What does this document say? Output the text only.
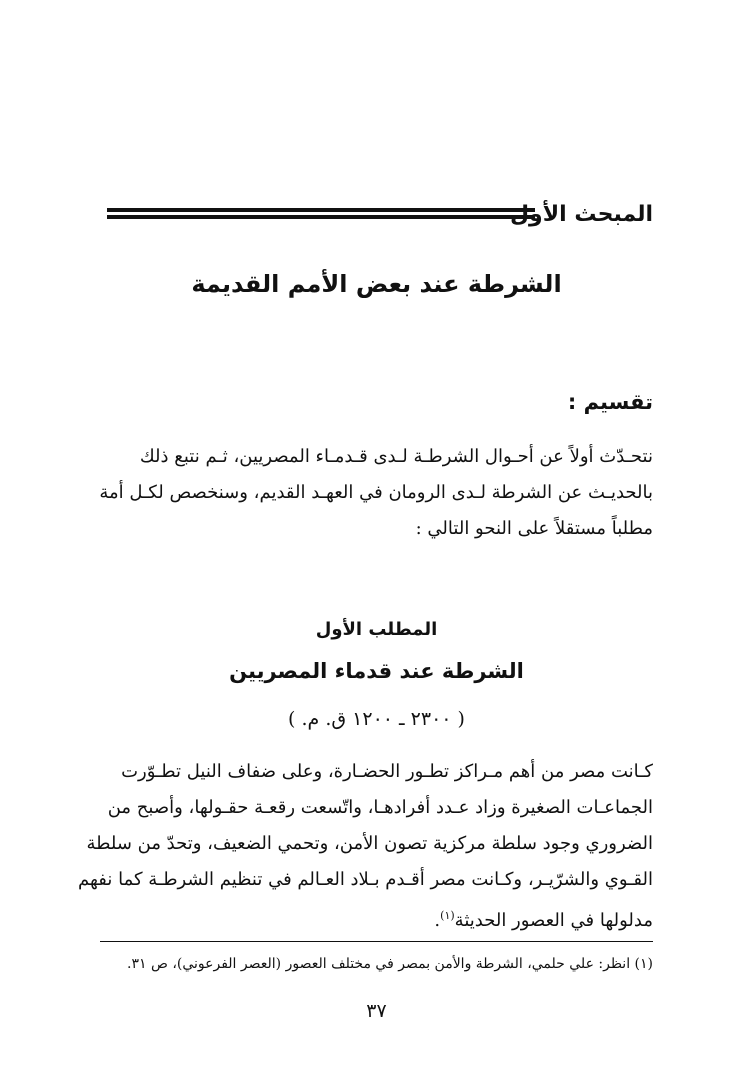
المبحث الأول
الشرطة عند بعض الأمم القديمة
تقسيم :

نتحـدّث أولاً عن أحـوال الشرطـة لـدى قـدمـاء المصريين، ثـم نتبع ذلك
بالحديـث عن الشرطة لـدى الرومان في العهـد القديم، وسنخصص لكـل أمة
مطلباً مستقلاً على النحو التالي :

المطلب الأول
الشرطة عند قدماء المصريين
( ٢٣٠٠ ـ ١٢٠٠ ق. م. )

كـانت مصر من أهم مـراكز تطـور الحضـارة، وعلى ضفاف النيل تطـوّرت
الجماعـات الصغيرة وزاد عـدد أفرادهـا، واتّسعت رقعـة حقـولها، وأصبح من
الضروري وجود سلطة مركزية تصون الأمن، وتحمي الضعيف، وتحدّ من سلطة
القـوي والشرّيـر، وكـانت مصر أقـدم بـلاد العـالم في تنظيم الشرطـة كما نفهم
مدلولها في العصور الحديثة$^{(١)}$.

(١) انظر: علي حلمي، الشرطة والأمن بمصر في مختلف العصور (العصر الفرعوني)، ص ٣١.
٣٧
